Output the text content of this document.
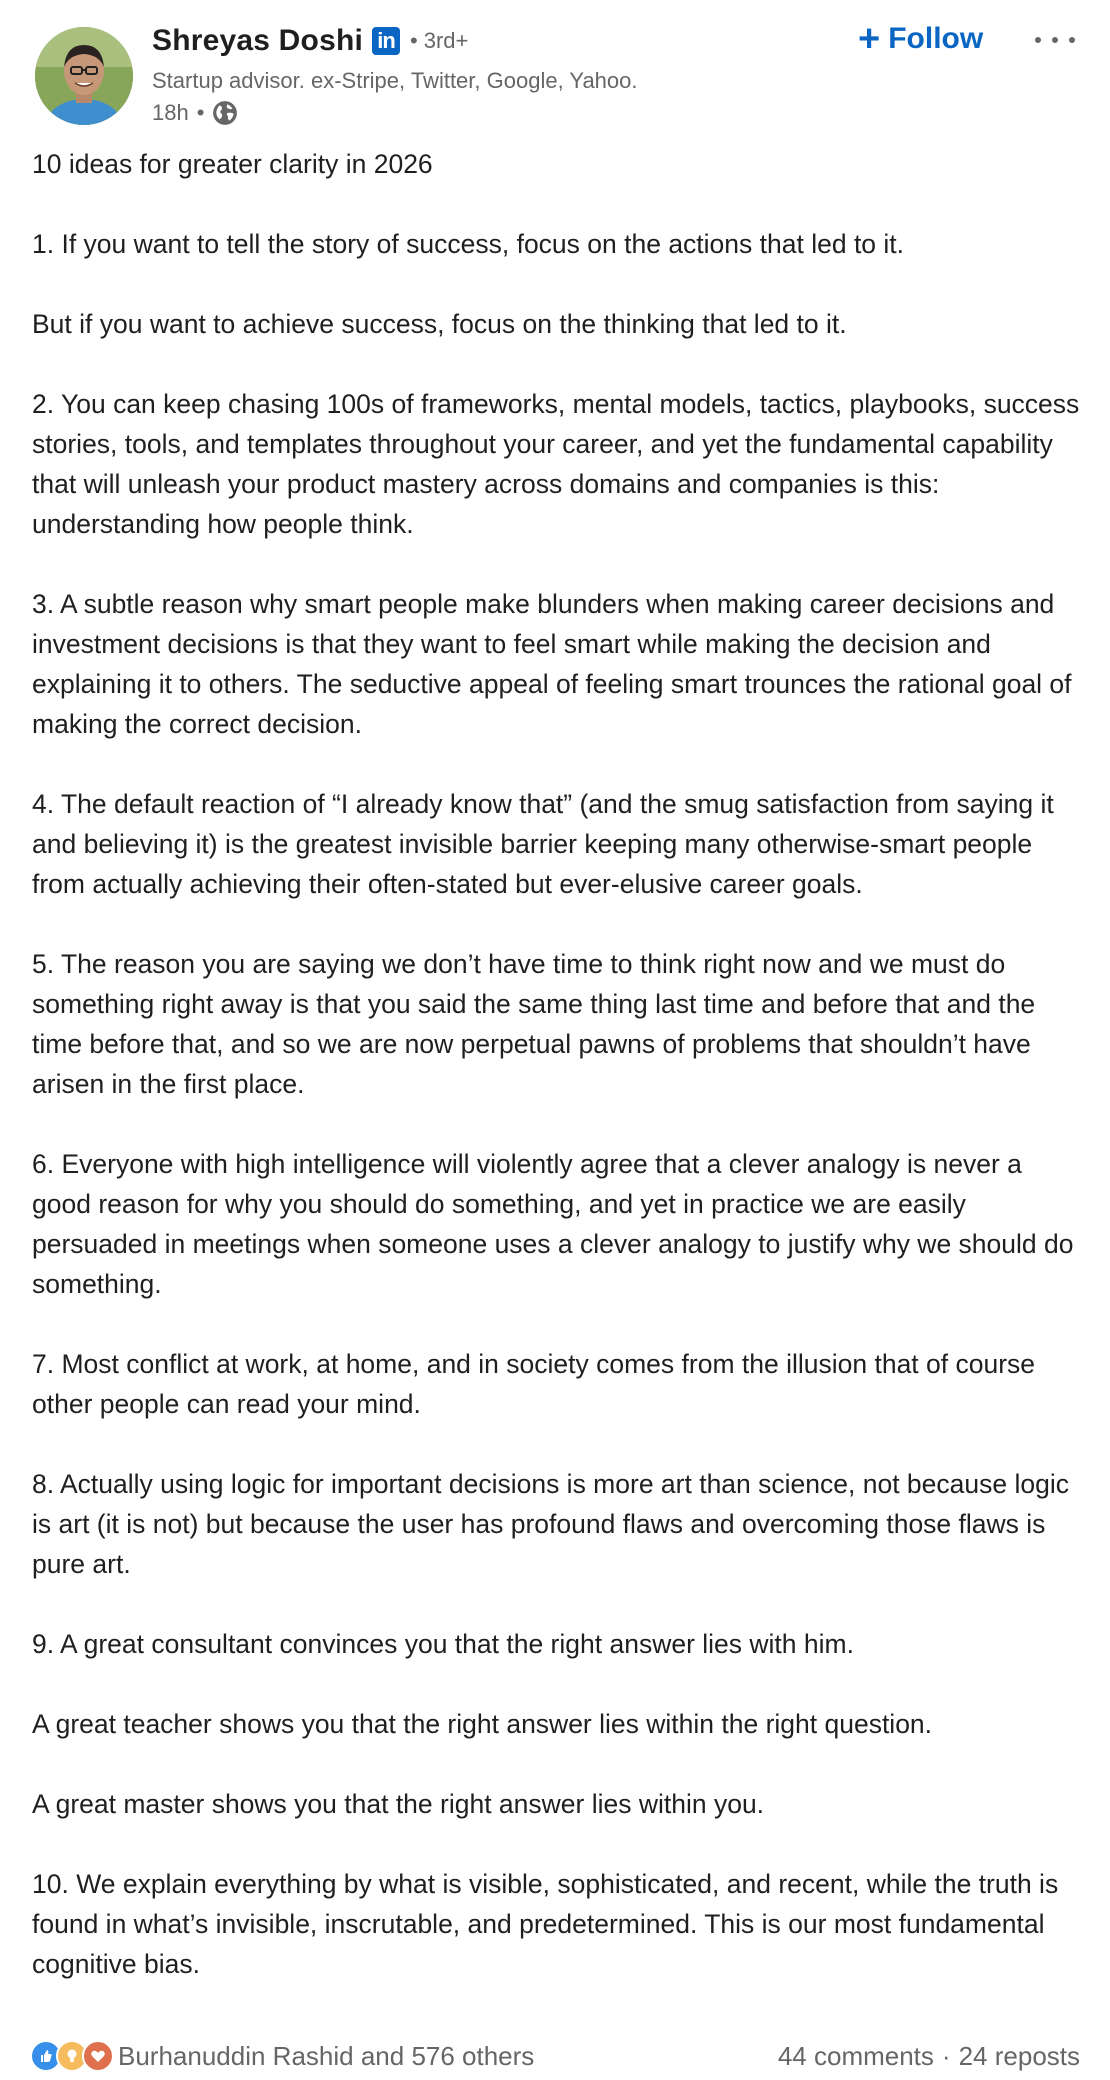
Shreyas Doshi in • 3rd+
Startup advisor. ex-Stripe, Twitter, Google, Yahoo.
18h •
+ Follow

10 ideas for greater clarity in 2026

1. If you want to tell the story of success, focus on the actions that led to it.

But if you want to achieve success, focus on the thinking that led to it.

2. You can keep chasing 100s of frameworks, mental models, tactics, playbooks, success stories, tools, and templates throughout your career, and yet the fundamental capability that will unleash your product mastery across domains and companies is this: understanding how people think.

3. A subtle reason why smart people make blunders when making career decisions and investment decisions is that they want to feel smart while making the decision and explaining it to others. The seductive appeal of feeling smart trounces the rational goal of making the correct decision.

4. The default reaction of “I already know that” (and the smug satisfaction from saying it and believing it) is the greatest invisible barrier keeping many otherwise-smart people from actually achieving their often-stated but ever-elusive career goals.

5. The reason you are saying we don’t have time to think right now and we must do something right away is that you said the same thing last time and before that and the time before that, and so we are now perpetual pawns of problems that shouldn’t have arisen in the first place.

6. Everyone with high intelligence will violently agree that a clever analogy is never a good reason for why you should do something, and yet in practice we are easily persuaded in meetings when someone uses a clever analogy to justify why we should do something.

7. Most conflict at work, at home, and in society comes from the illusion that of course other people can read your mind.

8. Actually using logic for important decisions is more art than science, not because logic is art (it is not) but because the user has profound flaws and overcoming those flaws is pure art.

9. A great consultant convinces you that the right answer lies with him.

A great teacher shows you that the right answer lies within the right question.

A great master shows you that the right answer lies within you.

10. We explain everything by what is visible, sophisticated, and recent, while the truth is found in what’s invisible, inscrutable, and predetermined. This is our most fundamental cognitive bias.

Burhanuddin Rashid and 576 others	44 comments · 24 reposts
